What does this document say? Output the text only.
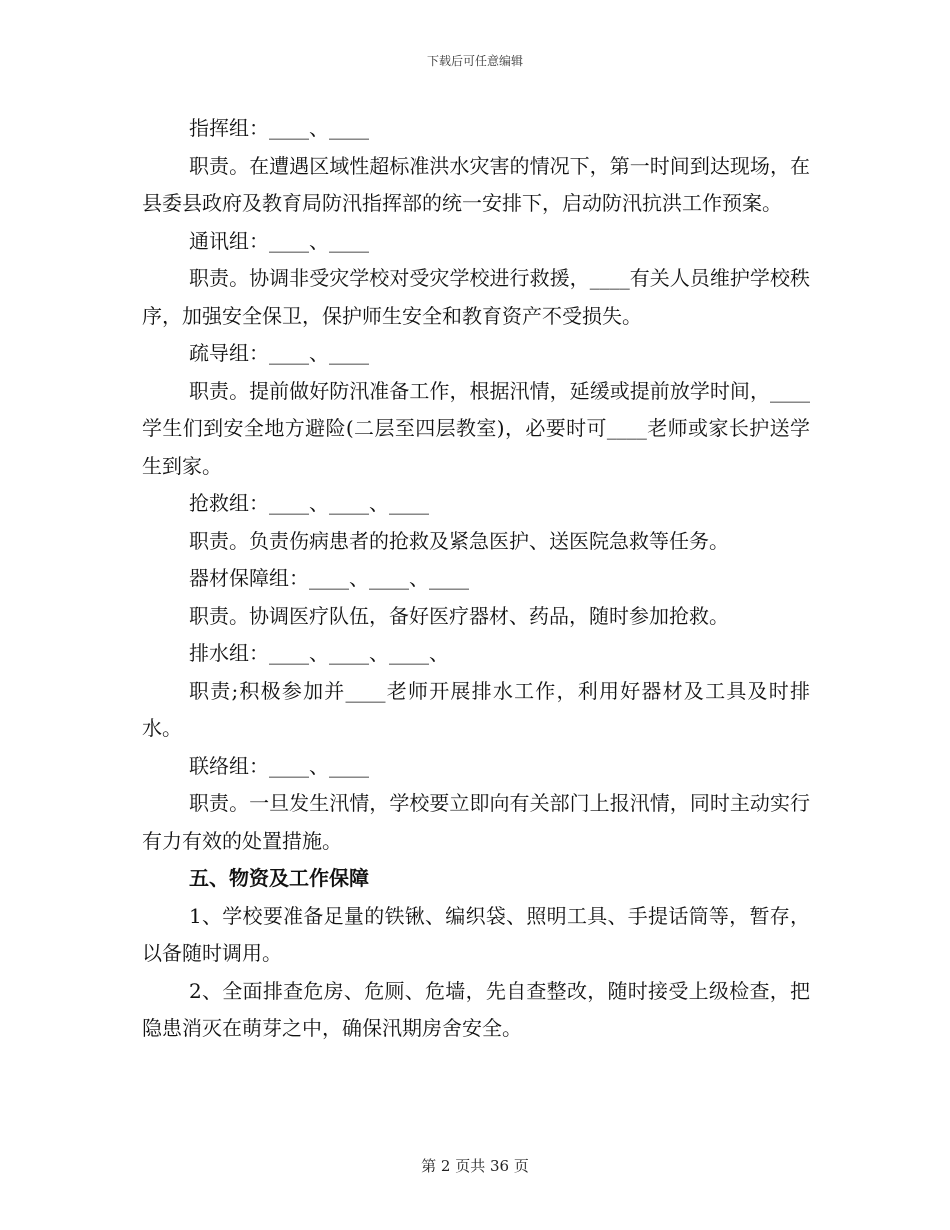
下载后可任意编辑

指挥组：____、____

职责。在遭遇区域性超标准洪水灾害的情况下，第一时间到达现场，在县委县政府及教育局防汛指挥部的统一安排下，启动防汛抗洪工作预案。

通讯组：____、____

职责。协调非受灾学校对受灾学校进行救援，____有关人员维护学校秩序，加强安全保卫，保护师生安全和教育资产不受损失。

疏导组：____、____

职责。提前做好防汛准备工作，根据汛情，延缓或提前放学时间，____学生们到安全地方避险(二层至四层教室)，必要时可____老师或家长护送学生到家。

抢救组：____、____、____

职责。负责伤病患者的抢救及紧急医护、送医院急救等任务。

器材保障组：____、____、____

职责。协调医疗队伍，备好医疗器材、药品，随时参加抢救。

排水组：____、____、____、

职责;积极参加并____老师开展排水工作，利用好器材及工具及时排水。

联络组：____、____

职责。一旦发生汛情，学校要立即向有关部门上报汛情，同时主动实行有力有效的处置措施。

五、物资及工作保障

1、学校要准备足量的铁锹、编织袋、照明工具、手提话筒等，暂存，以备随时调用。

2、全面排查危房、危厕、危墙，先自查整改，随时接受上级检查，把隐患消灭在萌芽之中，确保汛期房舍安全。

第 2 页共 36 页
